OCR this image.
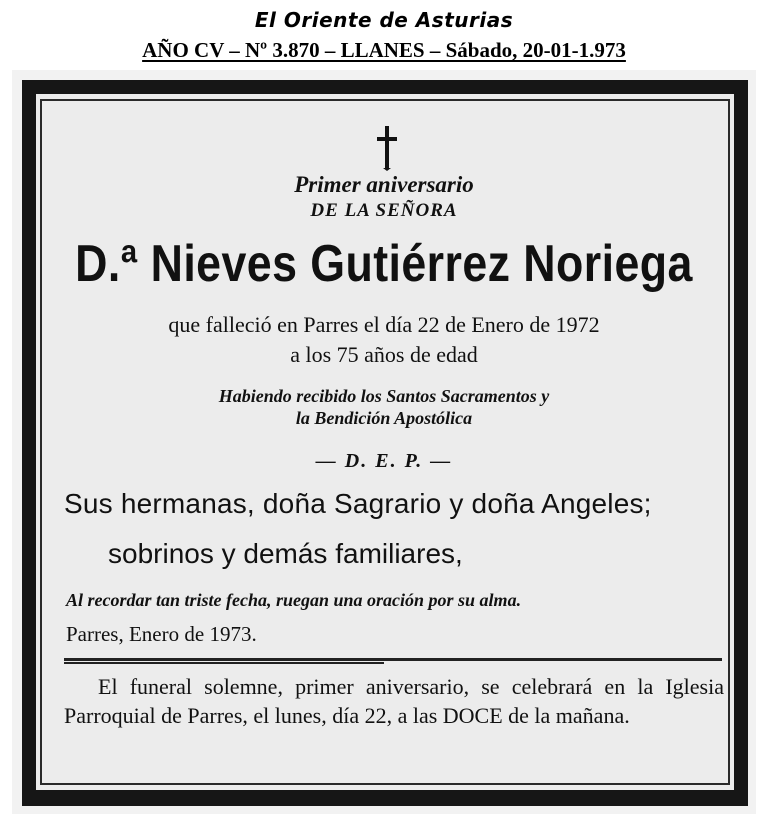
El Oriente de Asturias
AÑO CV – Nº 3.870 – LLANES – Sábado, 20-01-1.973
Primer aniversario
DE LA SEÑORA
D.ª Nieves Gutiérrez Noriega
que falleció en Parres el día 22 de Enero de 1972
a los 75 años de edad
Habiendo recibido los Santos Sacramentos y
la Bendición Apostólica
— D. E. P. —
Sus hermanas, doña Sagrario y doña Angeles;
sobrinos y demás familiares,
Al recordar tan triste fecha, ruegan una oración por su alma.
Parres, Enero de 1973.
El funeral solemne, primer aniversario, se celebrará en la Iglesia Parroquial de Parres, el lunes, día 22, a las DOCE de la mañana.
